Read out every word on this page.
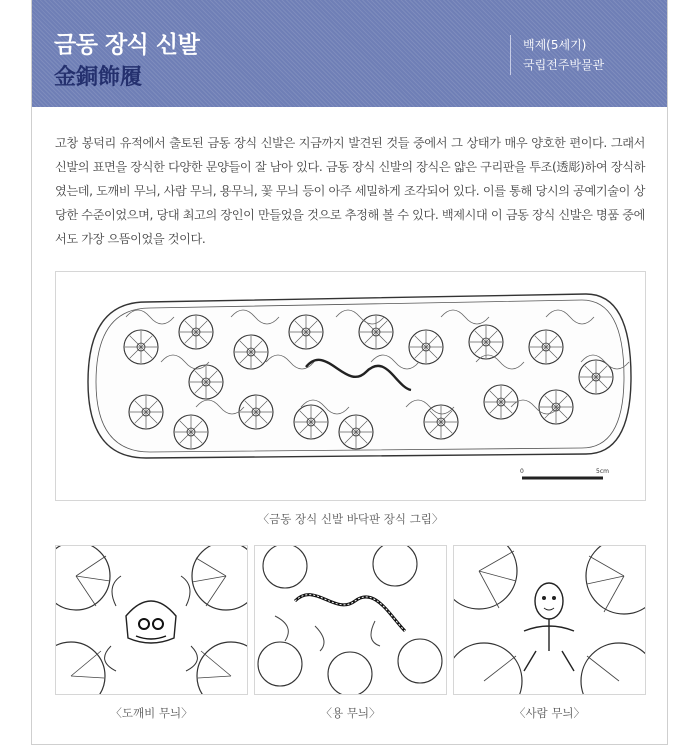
금동 장식 신발
金銅飾履
백제(5세기)
국립전주박물관
고창 봉덕리 유적에서 출토된 금동 장식 신발은 지금까지 발견된 것들 중에서 그 상태가 매우 양호한 편이다. 그래서 신발의 표면을 장식한 다양한 문양들이 잘 남아 있다. 금동 장식 신발의 장식은 얇은 구리판을 투조(透彫)하여 장식하였는데, 도깨비 무늬, 사람 무늬, 용무늬, 꽃 무늬 등이 아주 세밀하게 조각되어 있다. 이를 통해 당시의 공예기술이 상당한 수준이었으며, 당대 최고의 장인이 만들었을 것으로 추정해 볼 수 있다. 백제시대 이 금동 장식 신발은 명품 중에서도 가장 으뜸이었을 것이다.
0	5cm
〈금동 장식 신발 바닥판 장식 그림〉
〈도깨비 무늬〉	〈용 무늬〉	〈사람 무늬〉
